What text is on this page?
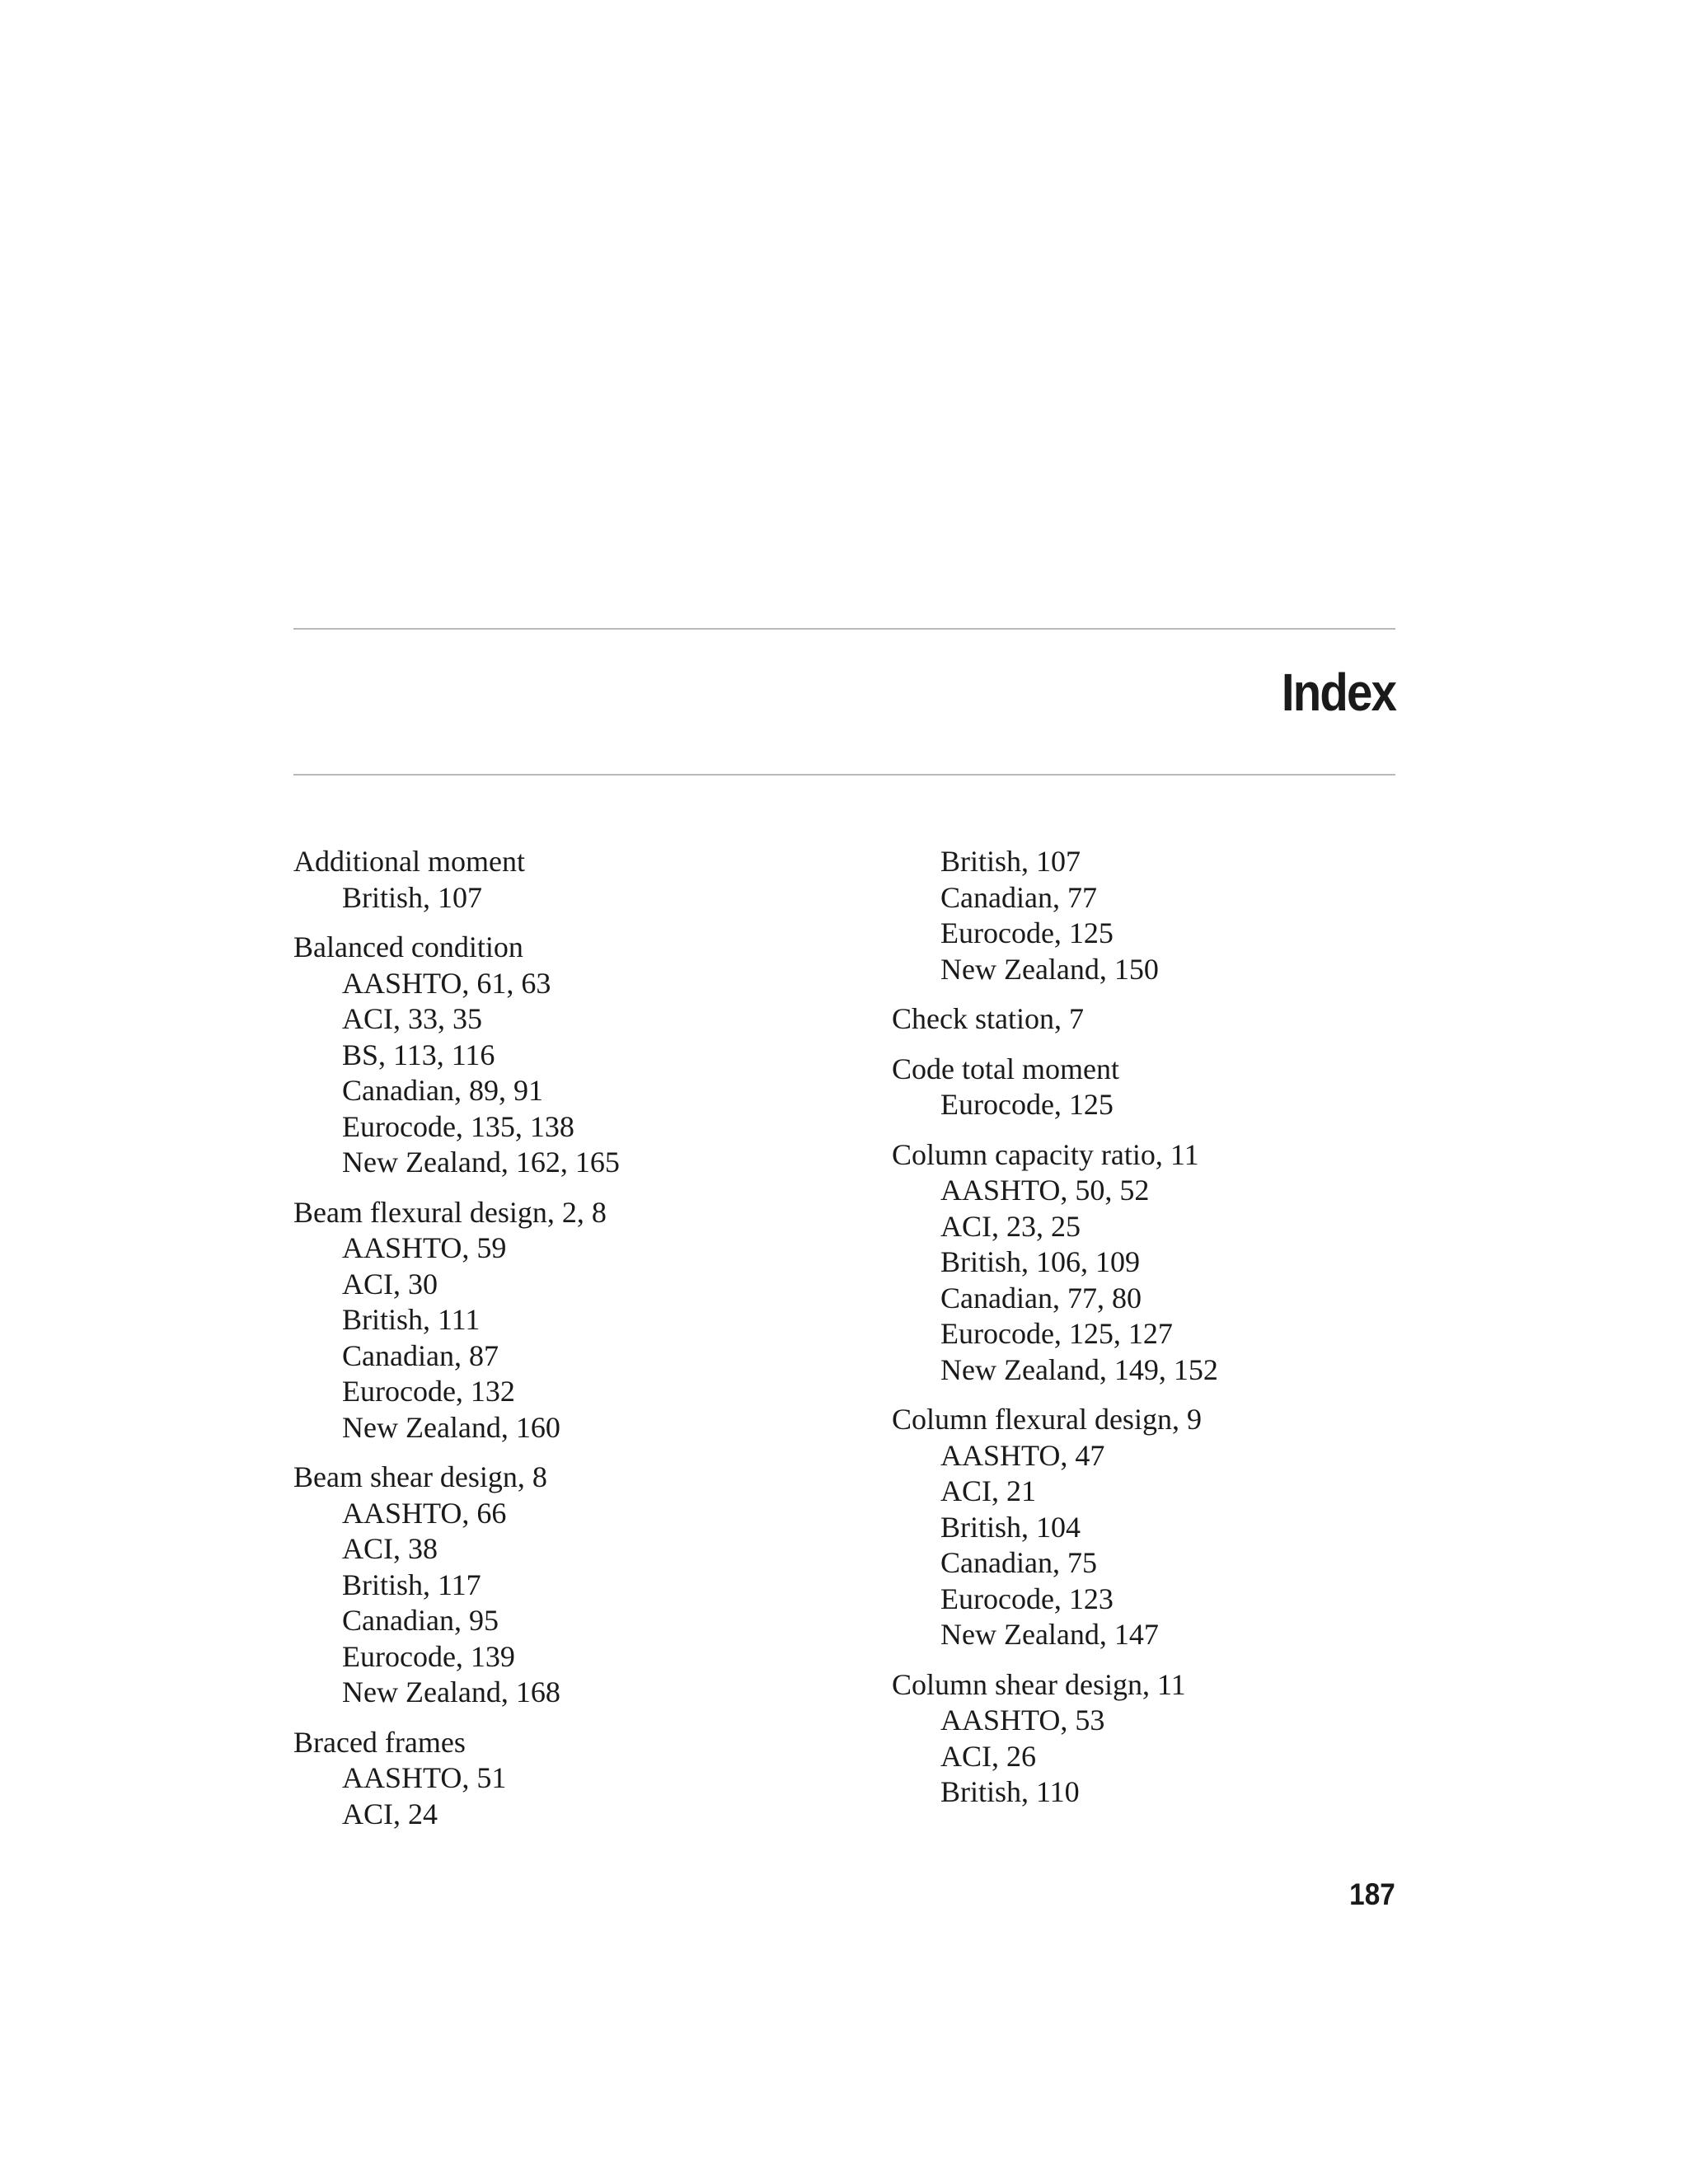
Index
Additional moment
British, 107
Balanced condition
AASHTO, 61, 63
ACI, 33, 35
BS, 113, 116
Canadian, 89, 91
Eurocode, 135, 138
New Zealand, 162, 165
Beam flexural design, 2, 8
AASHTO, 59
ACI, 30
British, 111
Canadian, 87
Eurocode, 132
New Zealand, 160
Beam shear design, 8
AASHTO, 66
ACI, 38
British, 117
Canadian, 95
Eurocode, 139
New Zealand, 168
Braced frames
AASHTO, 51
ACI, 24
British, 107
Canadian, 77
Eurocode, 125
New Zealand, 150
Check station, 7
Code total moment
Eurocode, 125
Column capacity ratio, 11
AASHTO, 50, 52
ACI, 23, 25
British, 106, 109
Canadian, 77, 80
Eurocode, 125, 127
New Zealand, 149, 152
Column flexural design, 9
AASHTO, 47
ACI, 21
British, 104
Canadian, 75
Eurocode, 123
New Zealand, 147
Column shear design, 11
AASHTO, 53
ACI, 26
British, 110
187
